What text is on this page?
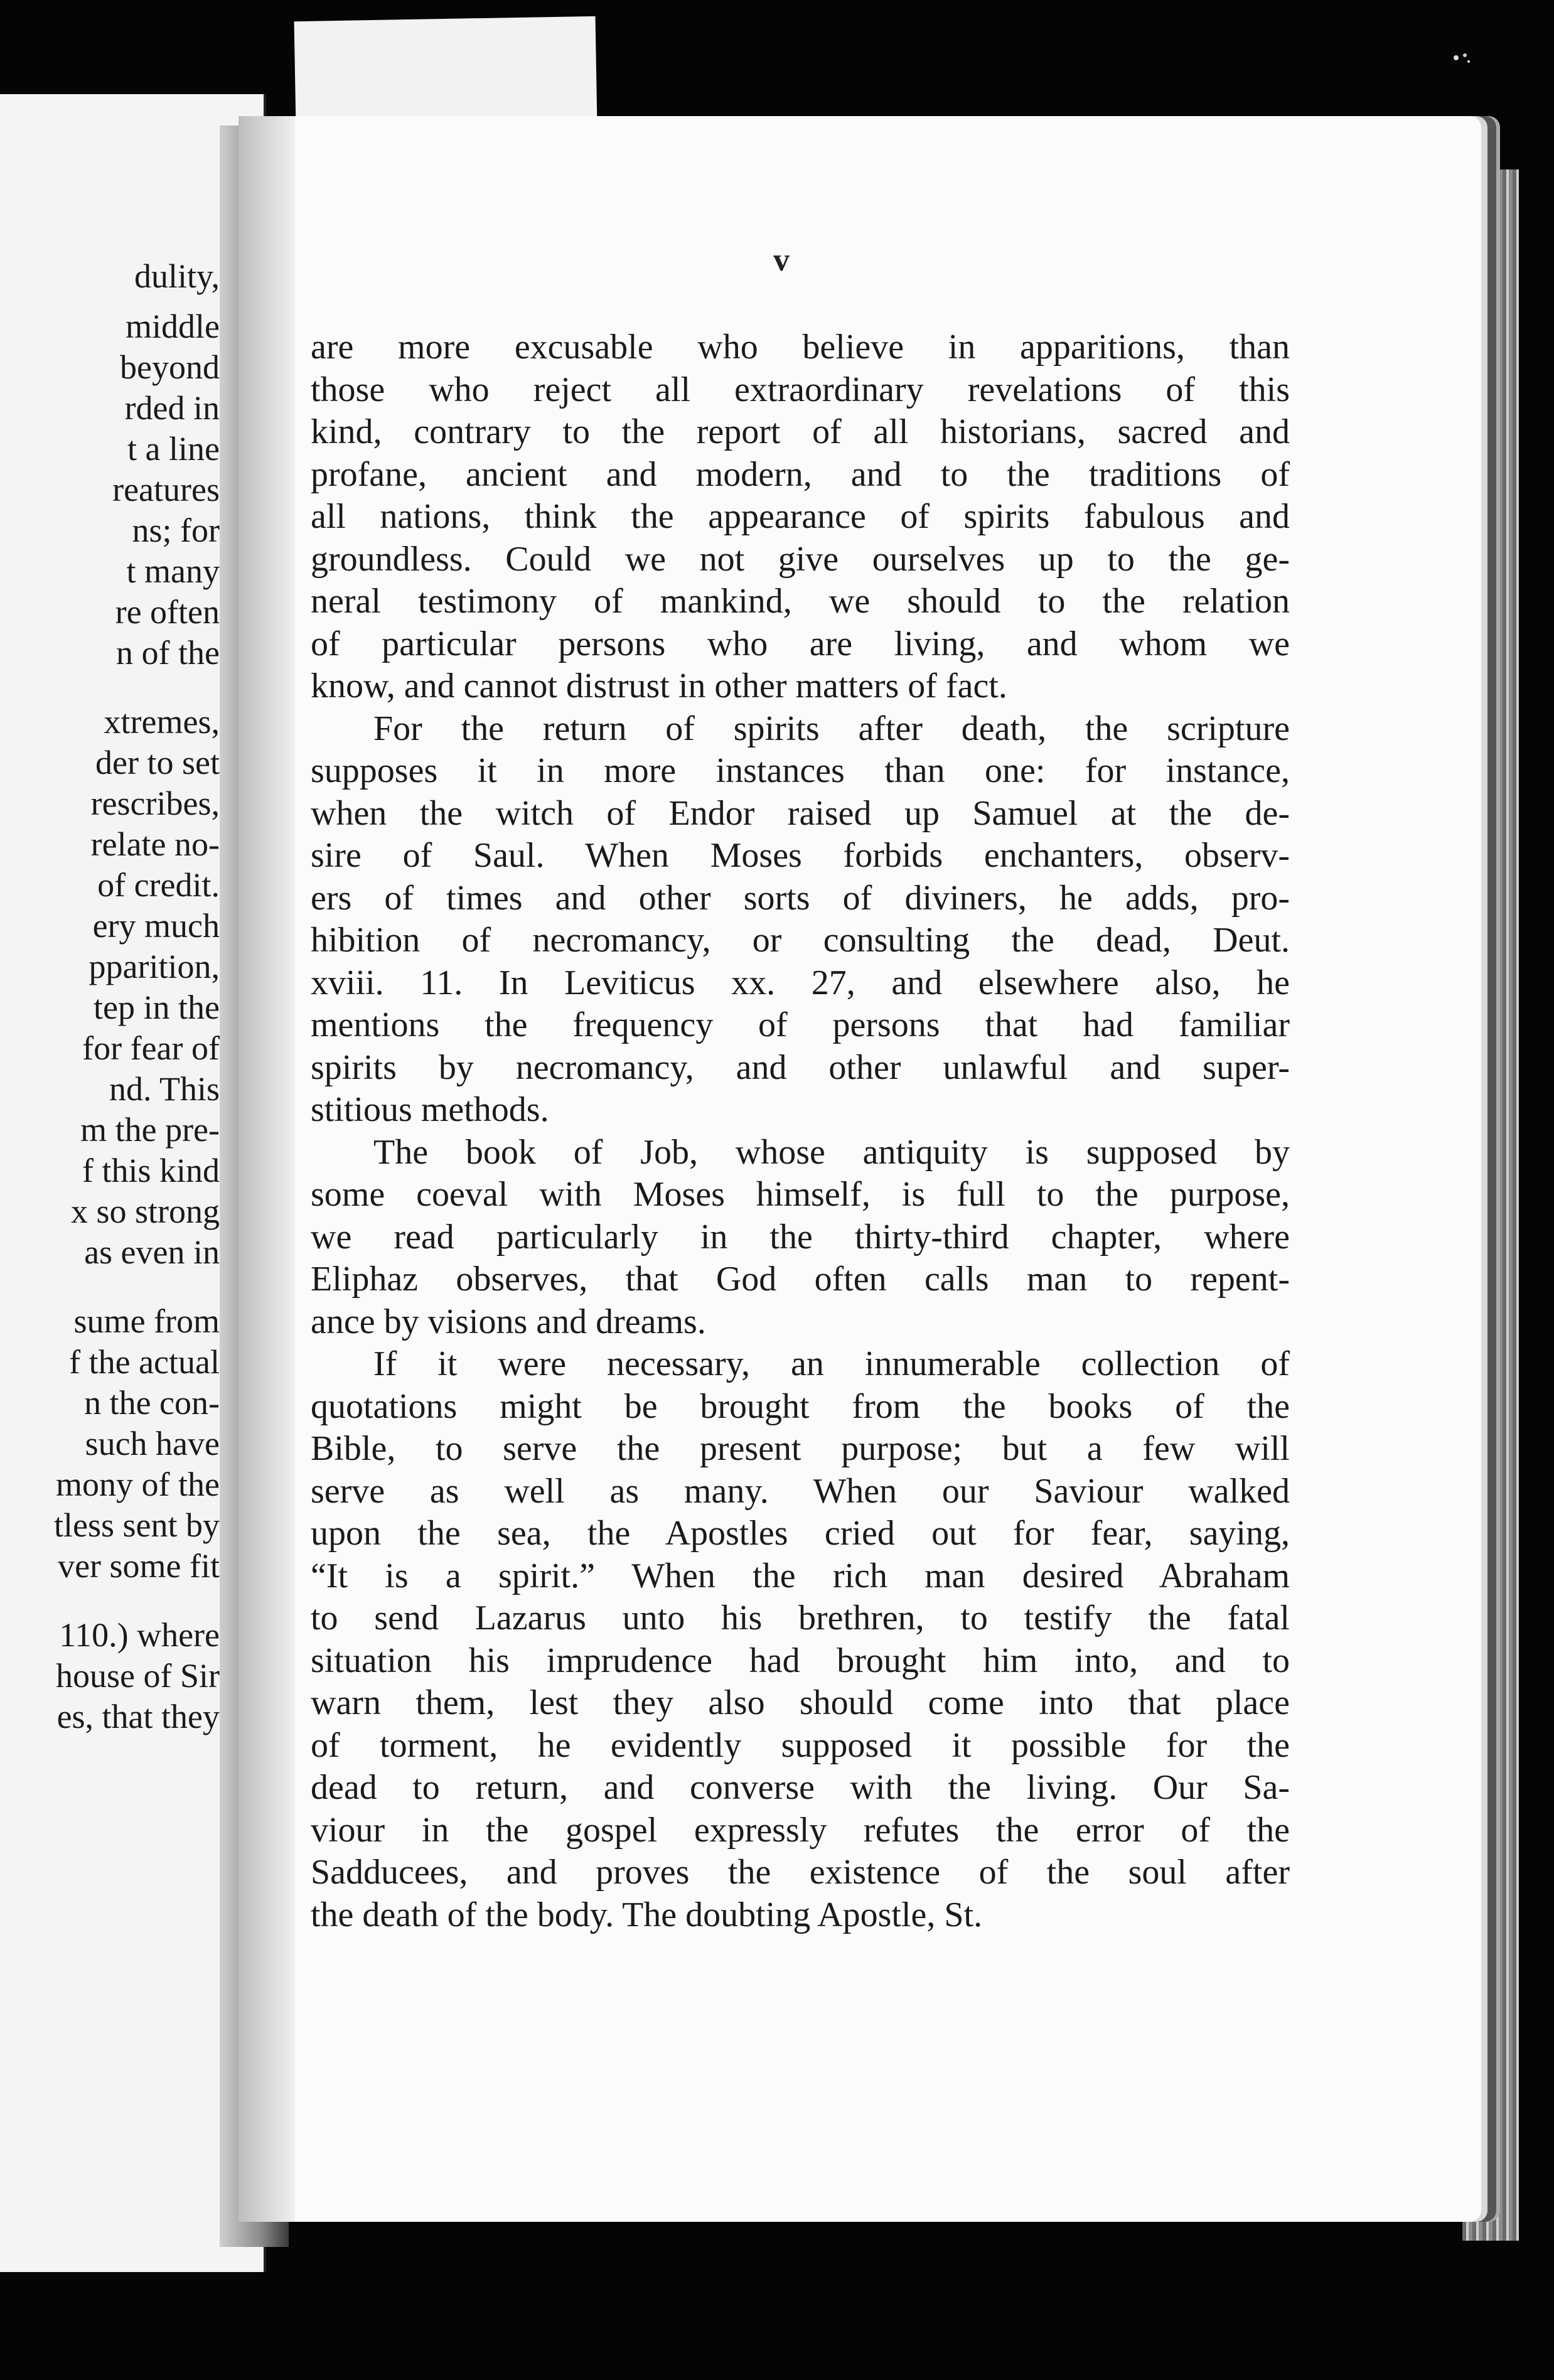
dulity,
middle
beyond
rded in
t a line
reatures
ns; for
t many
re often
n of the
xtremes,
der to set
rescribes,
relate no-
of credit.
ery much
pparition,
tep in the
for fear of
nd. This
m the pre-
f this kind
x so strong
as even in
sume from
f the actual
n the con-
such have
mony of the
tless sent by
ver some fit
110.) where
house of Sir
es, that they
v

are more excusable who believe in apparitions, than
those who reject all extraordinary revelations of this
kind, contrary to the report of all historians, sacred and
profane, ancient and modern, and to the traditions of
all nations, think the appearance of spirits fabulous and
groundless. Could we not give ourselves up to the ge-
neral testimony of mankind, we should to the relation
of particular persons who are living, and whom we
know, and cannot distrust in other matters of fact.

For the return of spirits after death, the scripture
supposes it in more instances than one: for instance,
when the witch of Endor raised up Samuel at the de-
sire of Saul. When Moses forbids enchanters, observ-
ers of times and other sorts of diviners, he adds, pro-
hibition of necromancy, or consulting the dead, Deut.
xviii. 11. In Leviticus xx. 27, and elsewhere also, he
mentions the frequency of persons that had familiar
spirits by necromancy, and other unlawful and super-
stitious methods.

The book of Job, whose antiquity is supposed by
some coeval with Moses himself, is full to the purpose,
we read particularly in the thirty-third chapter, where
Eliphaz observes, that God often calls man to repent-
ance by visions and dreams.

If it were necessary, an innumerable collection of
quotations might be brought from the books of the
Bible, to serve the present purpose; but a few will
serve as well as many. When our Saviour walked
upon the sea, the Apostles cried out for fear, saying,
“It is a spirit.” When the rich man desired Abraham
to send Lazarus unto his brethren, to testify the fatal
situation his imprudence had brought him into, and to
warn them, lest they also should come into that place
of torment, he evidently supposed it possible for the
dead to return, and converse with the living. Our Sa-
viour in the gospel expressly refutes the error of the
Sadducees, and proves the existence of the soul after
the death of the body. The doubting Apostle, St.
